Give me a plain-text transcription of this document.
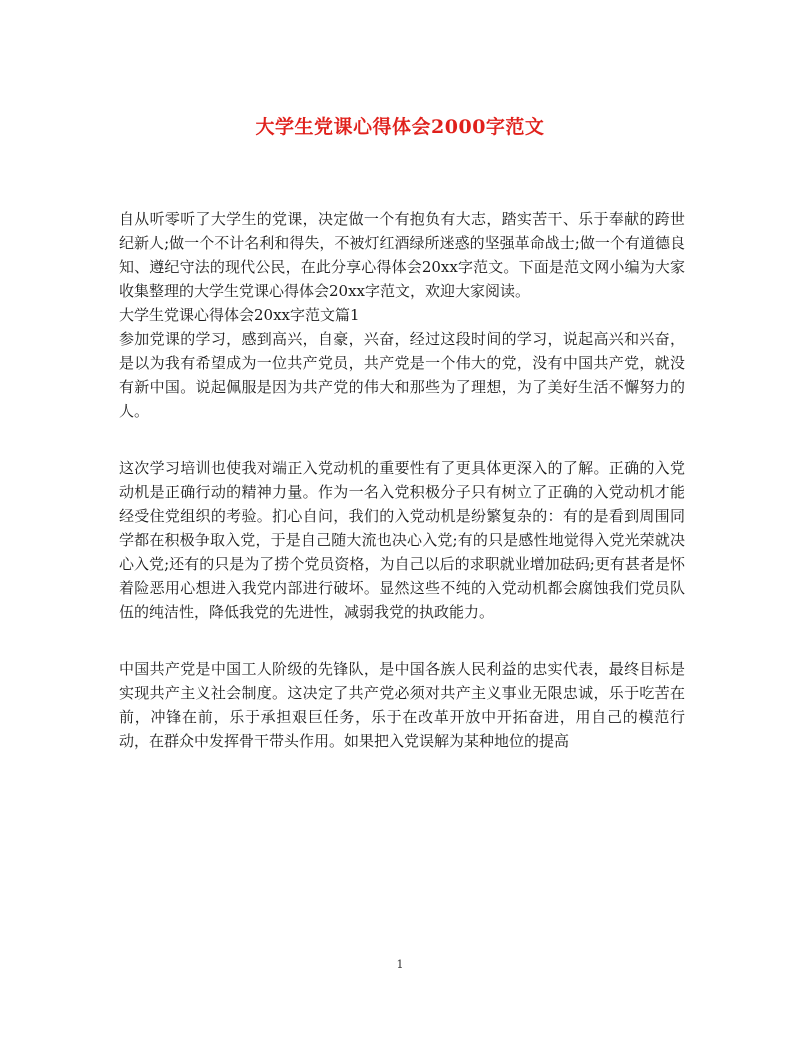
大学生党课心得体会2000字范文

自从听零听了大学生的党课，决定做一个有抱负有大志，踏实苦干、乐于奉献的跨世纪新人;做一个不计名利和得失，不被灯红酒绿所迷惑的坚强革命战士;做一个有道德良知、遵纪守法的现代公民，在此分享心得体会20xx字范文。下面是范文网小编为大家收集整理的大学生党课心得体会20xx字范文，欢迎大家阅读。

大学生党课心得体会20xx字范文篇1

参加党课的学习，感到高兴，自豪，兴奋，经过这段时间的学习，说起高兴和兴奋，是以为我有希望成为一位共产党员，共产党是一个伟大的党，没有中国共产党，就没有新中国。说起佩服是因为共产党的伟大和那些为了理想，为了美好生活不懈努力的人。

这次学习培训也使我对端正入党动机的重要性有了更具体更深入的了解。正确的入党动机是正确行动的精神力量。作为一名入党积极分子只有树立了正确的入党动机才能经受住党组织的考验。扪心自问，我们的入党动机是纷繁复杂的：有的是看到周围同学都在积极争取入党，于是自己随大流也决心入党;有的只是感性地觉得入党光荣就决心入党;还有的只是为了捞个党员资格，为自己以后的求职就业增加砝码;更有甚者是怀着险恶用心想进入我党内部进行破坏。显然这些不纯的入党动机都会腐蚀我们党员队伍的纯洁性，降低我党的先进性，减弱我党的执政能力。

中国共产党是中国工人阶级的先锋队，是中国各族人民利益的忠实代表，最终目标是实现共产主义社会制度。这决定了共产党必须对共产主义事业无限忠诚，乐于吃苦在前，冲锋在前，乐于承担艰巨任务，乐于在改革开放中开拓奋进，用自己的模范行动，在群众中发挥骨干带头作用。如果把入党误解为某种地位的提高

1
